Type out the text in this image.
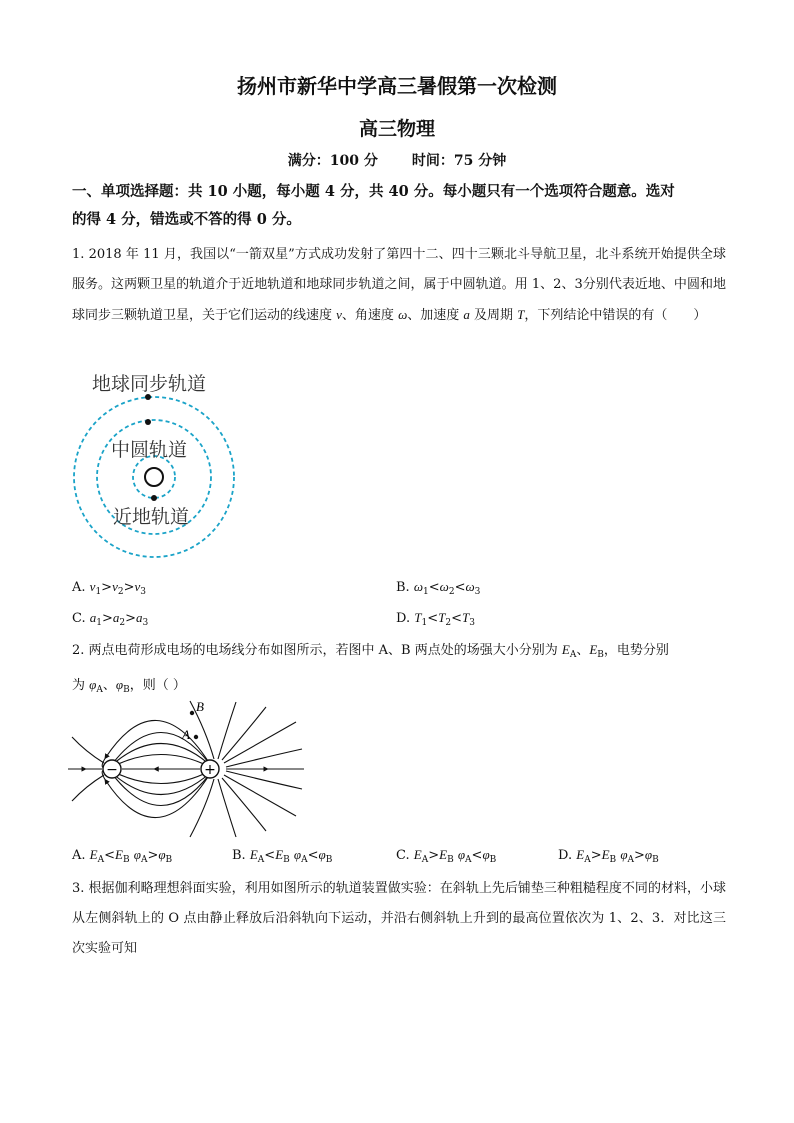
扬州市新华中学高三暑假第一次检测
高三物理
满分：100 分 时间：75 分钟
一、单项选择题：共 10 小题，每小题 4 分，共 40 分。每小题只有一个选项符合题意。选对
的得 4 分，错选或不答的得 0 分。
1. 2018 年 11 月，我国以“一箭双星”方式成功发射了第四十二、四十三颗北斗导航卫星，北斗系统开始提供全球服务。这两颗卫星的轨道介于近地轨道和地球同步轨道之间，属于中圆轨道。用 1、2、3分别代表近地、中圆和地球同步三颗轨道卫星，关于它们运动的线速度 v、角速度 ω、加速度 a 及周期 T，下列结论中错误的有（　　）
地球同步轨道
中圆轨道
近地轨道
A. $v_1>v_2>v_3$	B. $\omega_1<\omega_2<\omega_3$
C. $a_1>a_2>a_3$	D. $T_1<T_2<T_3$
2. 两点电荷形成电场的电场线分布如图所示，若图中 A、B 两点处的场强大小分别为 $E_A$、$E_B$，电势分别
为 $\varphi_A$、$\varphi_B$，则（ ）
−	+
B
A
A. $E_A<E_B$ $\varphi_A>\varphi_B$	B. $E_A<E_B$ $\varphi_A<\varphi_B$	C. $E_A>E_B$ $\varphi_A<\varphi_B$	D. $E_A>E_B$ $\varphi_A>\varphi_B$
3. 根据伽利略理想斜面实验，利用如图所示的轨道装置做实验：在斜轨上先后铺垫三种粗糙程度不同的材料，小球从左侧斜轨上的 O 点由静止释放后沿斜轨向下运动，并沿右侧斜轨上升到的最高位置依次为 1、2、3．对比这三次实验可知
